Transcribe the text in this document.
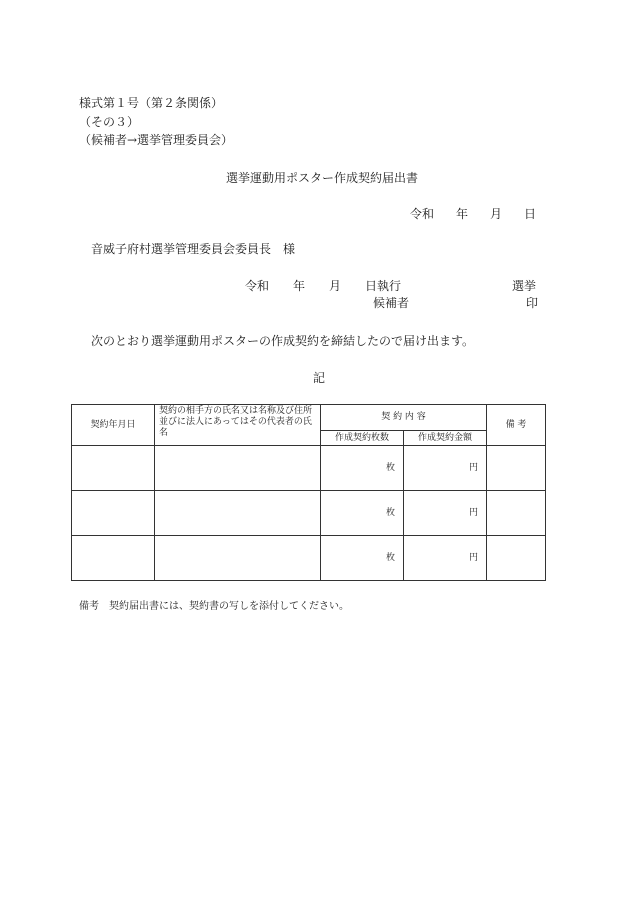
様式第１号（第２条関係）
（その３）
（候補者→選挙管理委員会）
選挙運動用ポスター作成契約届出書
令和 年 月 日
音威子府村選挙管理委員会委員長　様
令和 年 月 日執行	選挙
候補者	印
次のとおり選挙運動用ポスターの作成契約を締結したので届け出ます。
記
契約年月日	契約の相手方の氏名又は名称及び住所並びに法人にあってはその代表者の氏名	契 約 内 容		備 考
		作成契約枚数	作成契約金額	
		枚	円	
		枚	円	
		枚	円	
備考　契約届出書には、契約書の写しを添付してください。
